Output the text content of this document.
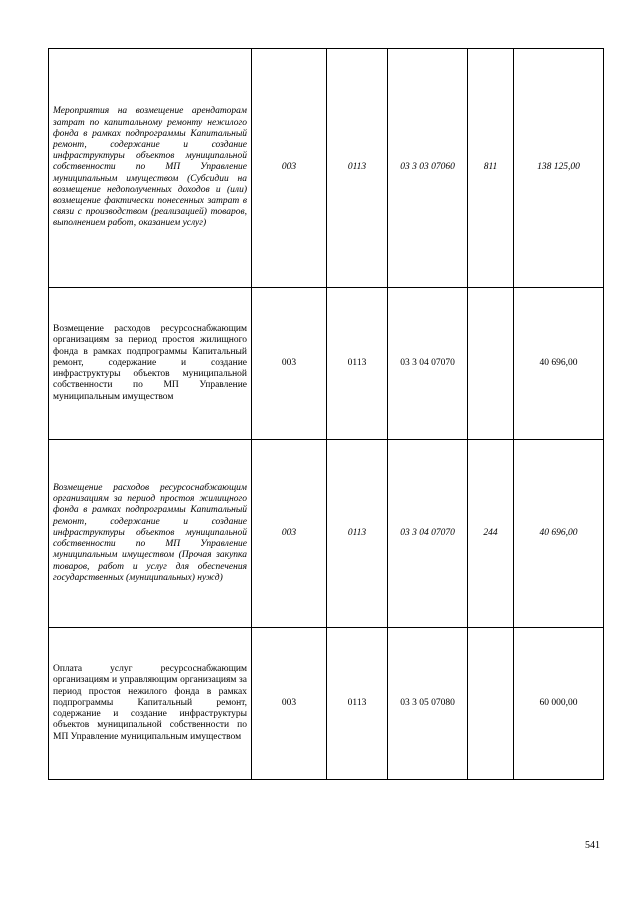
Мероприятия на возмещение арендаторам затрат по капитальному ремонту нежилого фонда в рамках подпрограммы Капитальный ремонт, содержание и создание инфраструктуры объектов муниципальной собственности по МП Управление муниципальным имуществом (Субсидии на возмещение недополученных доходов и (или) возмещение фактически понесенных затрат в связи с производством (реализацией) товаров, выполнением работ, оказанием услуг)	003	0113	03 3 03 07060	811	138 125,00
Возмещение расходов ресурсоснабжающим организациям за период простоя жилищного фонда в рамках подпрограммы Капитальный ремонт, содержание и создание инфраструктуры объектов муниципальной собственности по МП Управление муниципальным имуществом	003	0113	03 3 04 07070		40 696,00
Возмещение расходов ресурсоснабжающим организациям за период простоя жилищного фонда в рамках подпрограммы Капитальный ремонт, содержание и создание инфраструктуры объектов муниципальной собственности по МП Управление муниципальным имуществом (Прочая закупка товаров, работ и услуг для обеспечения государственных (муниципальных) нужд)	003	0113	03 3 04 07070	244	40 696,00
Оплата услуг ресурсоснабжающим организациям и управляющим организациям за период простоя нежилого фонда в рамках подпрограммы Капитальный ремонт, содержание и создание инфраструктуры объектов муниципальной собственности по МП Управление муниципальным имуществом	003	0113	03 3 05 07080		60 000,00
541
